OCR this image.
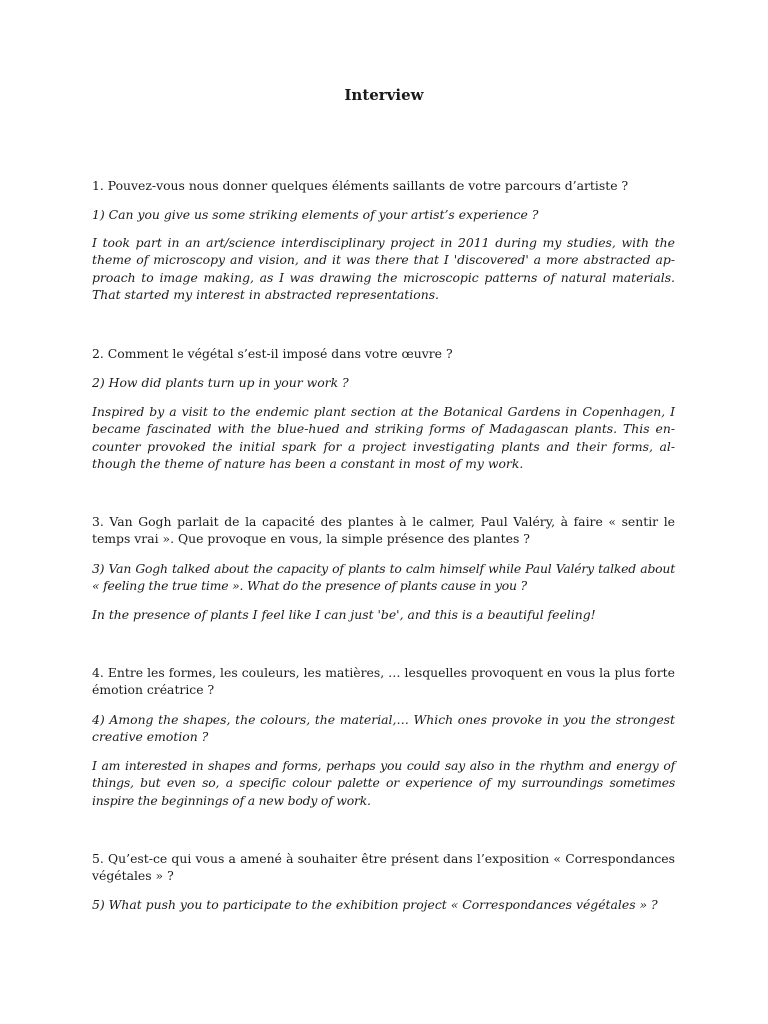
Interview

1. Pouvez-vous nous donner quelques éléments saillants de votre parcours d’artiste ?

1) Can you give us some striking elements of your artist’s experience ?

I took part in an art/science interdisciplinary project in 2011 during my studies, with the theme of microscopy and vision, and it was there that I 'discovered' a more abstracted approach to image making, as I was drawing the microscopic patterns of natural materials. That started my interest in abstracted representations.

2. Comment le végétal s’est-il imposé dans votre œuvre ?

2) How did plants turn up in your work ?

Inspired by a visit to the endemic plant section at the Botanical Gardens in Copenhagen, I became fascinated with the blue-hued and striking forms of Madagascan plants. This encounter provoked the initial spark for a project investigating plants and their forms, although the theme of nature has been a constant in most of my work.

3. Van Gogh parlait de la capacité des plantes à le calmer, Paul Valéry, à faire « sentir le temps vrai ». Que provoque en vous, la simple présence des plantes ?

3) Van Gogh talked about the capacity of plants to calm himself while Paul Valéry talked about « feeling the true time ». What do the presence of plants cause in you ?

In the presence of plants I feel like I can just 'be', and this is a beautiful feeling!

4. Entre les formes, les couleurs, les matières, … lesquelles provoquent en vous la plus forte émotion créatrice ?

4) Among the shapes, the colours, the material,… Which ones provoke in you the strongest creative emotion ?

I am interested in shapes and forms, perhaps you could say also in the rhythm and energy of things, but even so, a specific colour palette or experience of my surroundings sometimes inspire the beginnings of a new body of work.

5. Qu’est-ce qui vous a amené à souhaiter être présent dans l’exposition « Correspondances végétales » ?

5) What push you to participate to the exhibition project « Correspondances végétales » ?
